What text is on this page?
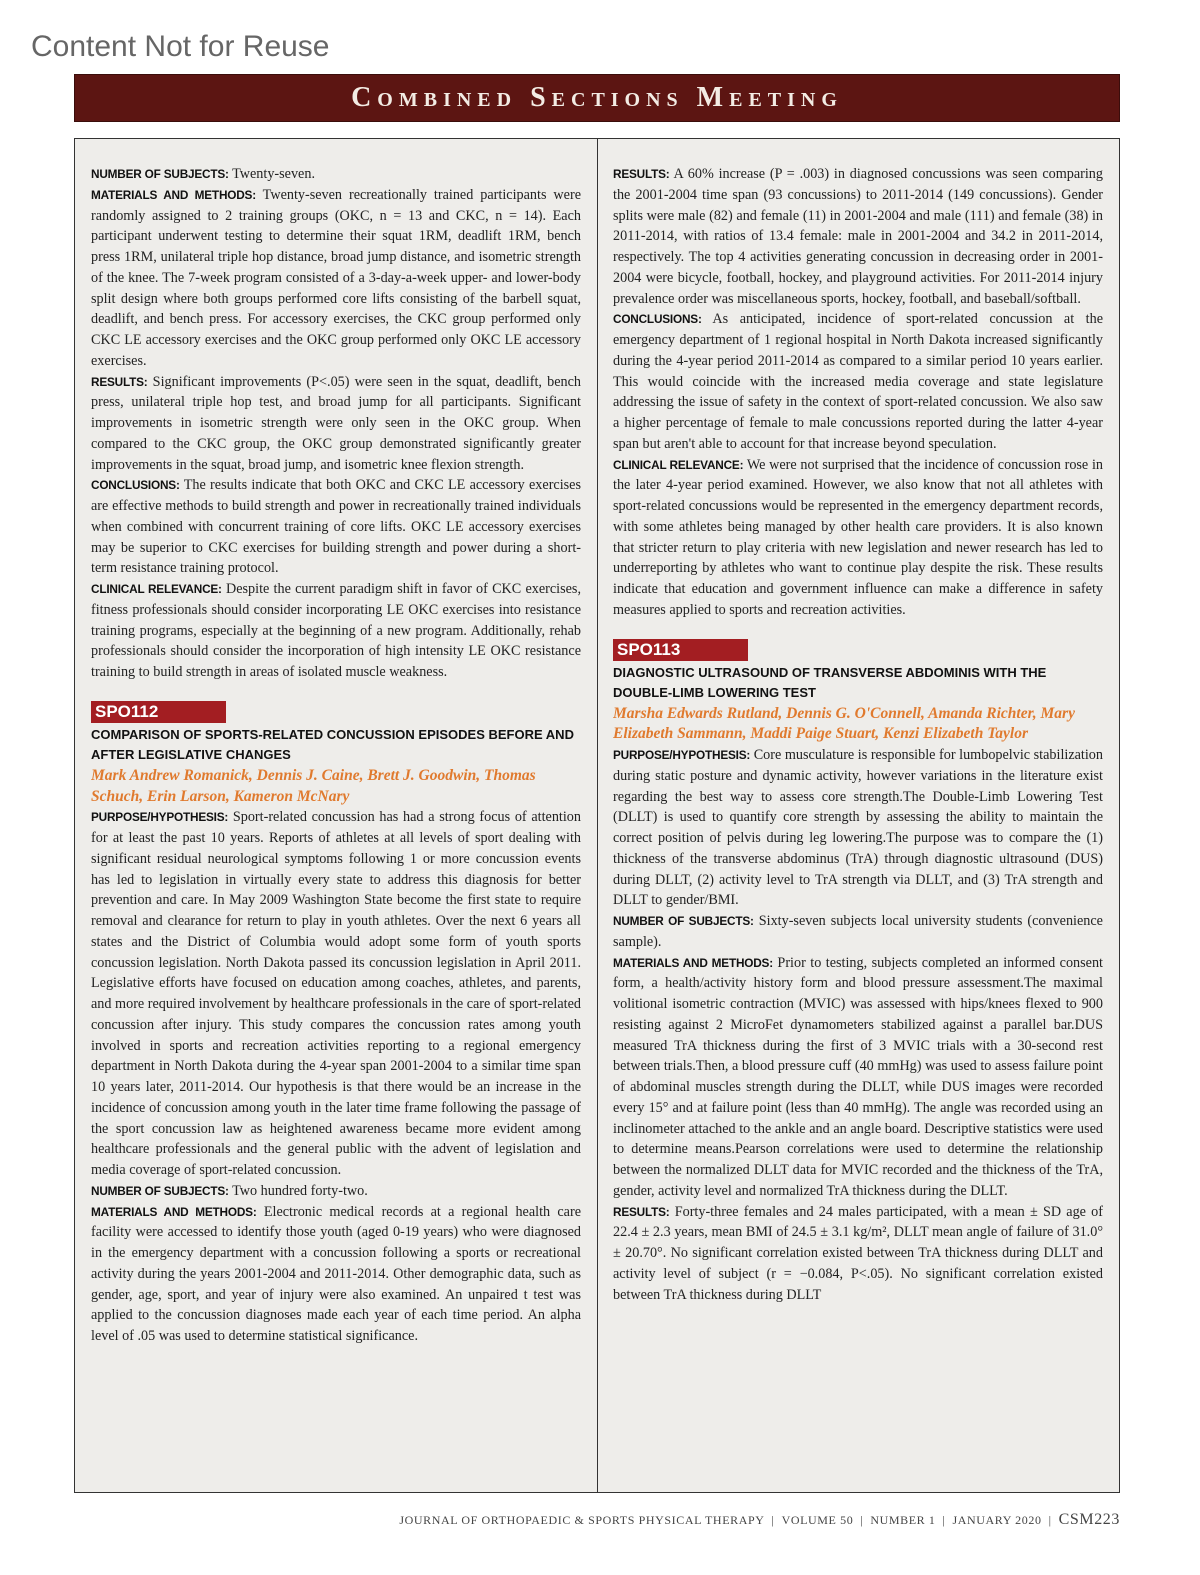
Content Not for Reuse
Combined Sections Meeting

NUMBER OF SUBJECTS: Twenty-seven.

MATERIALS AND METHODS: Twenty-seven recreationally trained participants were randomly assigned to 2 training groups (OKC, n = 13 and CKC, n = 14). Each participant underwent testing to determine their squat 1RM, deadlift 1RM, bench press 1RM, unilateral triple hop distance, broad jump distance, and isometric strength of the knee. The 7-week program consisted of a 3-day-a-week upper- and lower-body split design where both groups performed core lifts consisting of the barbell squat, deadlift, and bench press. For accessory exercises, the CKC group performed only CKC LE accessory exercises and the OKC group performed only OKC LE accessory exercises.

RESULTS: Significant improvements (P<.05) were seen in the squat, deadlift, bench press, unilateral triple hop test, and broad jump for all participants. Significant improvements in isometric strength were only seen in the OKC group. When compared to the CKC group, the OKC group demonstrated significantly greater improvements in the squat, broad jump, and isometric knee flexion strength.

CONCLUSIONS: The results indicate that both OKC and CKC LE accessory exercises are effective methods to build strength and power in recreationally trained individuals when combined with concurrent training of core lifts. OKC LE accessory exercises may be superior to CKC exercises for building strength and power during a short-term resistance training protocol.

CLINICAL RELEVANCE: Despite the current paradigm shift in favor of CKC exercises, fitness professionals should consider incorporating LE OKC exercises into resistance training programs, especially at the beginning of a new program. Additionally, rehab professionals should consider the incorporation of high intensity LE OKC resistance training to build strength in areas of isolated muscle weakness.

SPO112
COMPARISON OF SPORTS-RELATED CONCUSSION EPISODES BEFORE AND AFTER LEGISLATIVE CHANGES
Mark Andrew Romanick, Dennis J. Caine, Brett J. Goodwin, Thomas Schuch, Erin Larson, Kameron McNary

PURPOSE/HYPOTHESIS: Sport-related concussion has had a strong focus of attention for at least the past 10 years. Reports of athletes at all levels of sport dealing with significant residual neurological symptoms following 1 or more concussion events has led to legislation in virtually every state to address this diagnosis for better prevention and care. In May 2009 Washington State become the first state to require removal and clearance for return to play in youth athletes. Over the next 6 years all states and the District of Columbia would adopt some form of youth sports concussion legislation. North Dakota passed its concussion legislation in April 2011. Legislative efforts have focused on education among coaches, athletes, and parents, and more required involvement by healthcare professionals in the care of sport-related concussion after injury. This study compares the concussion rates among youth involved in sports and recreation activities reporting to a regional emergency department in North Dakota during the 4-year span 2001-2004 to a similar time span 10 years later, 2011-2014. Our hypothesis is that there would be an increase in the incidence of concussion among youth in the later time frame following the passage of the sport concussion law as heightened awareness became more evident among healthcare professionals and the general public with the advent of legislation and media coverage of sport-related concussion.

NUMBER OF SUBJECTS: Two hundred forty-two.

MATERIALS AND METHODS: Electronic medical records at a regional health care facility were accessed to identify those youth (aged 0-19 years) who were diagnosed in the emergency department with a concussion following a sports or recreational activity during the years 2001-2004 and 2011-2014. Other demographic data, such as gender, age, sport, and year of injury were also examined. An unpaired t test was applied to the concussion diagnoses made each year of each time period. An alpha level of .05 was used to determine statistical significance.

RESULTS: A 60% increase (P = .003) in diagnosed concussions was seen comparing the 2001-2004 time span (93 concussions) to 2011-2014 (149 concussions). Gender splits were male (82) and female (11) in 2001-2004 and male (111) and female (38) in 2011-2014, with ratios of 13.4 female: male in 2001-2004 and 34.2 in 2011-2014, respectively. The top 4 activities generating concussion in decreasing order in 2001-2004 were bicycle, football, hockey, and playground activities. For 2011-2014 injury prevalence order was miscellaneous sports, hockey, football, and baseball/softball.

CONCLUSIONS: As anticipated, incidence of sport-related concussion at the emergency department of 1 regional hospital in North Dakota increased significantly during the 4-year period 2011-2014 as compared to a similar period 10 years earlier. This would coincide with the increased media coverage and state legislature addressing the issue of safety in the context of sport-related concussion. We also saw a higher percentage of female to male concussions reported during the latter 4-year span but aren't able to account for that increase beyond speculation.

CLINICAL RELEVANCE: We were not surprised that the incidence of concussion rose in the later 4-year period examined. However, we also know that not all athletes with sport-related concussions would be represented in the emergency department records, with some athletes being managed by other health care providers. It is also known that stricter return to play criteria with new legislation and newer research has led to underreporting by athletes who want to continue play despite the risk. These results indicate that education and government influence can make a difference in safety measures applied to sports and recreation activities.

SPO113
DIAGNOSTIC ULTRASOUND OF TRANSVERSE ABDOMINIS WITH THE DOUBLE-LIMB LOWERING TEST
Marsha Edwards Rutland, Dennis G. O'Connell, Amanda Richter, Mary Elizabeth Sammann, Maddi Paige Stuart, Kenzi Elizabeth Taylor

PURPOSE/HYPOTHESIS: Core musculature is responsible for lumbopelvic stabilization during static posture and dynamic activity, however variations in the literature exist regarding the best way to assess core strength.The Double-Limb Lowering Test (DLLT) is used to quantify core strength by assessing the ability to maintain the correct position of pelvis during leg lowering.The purpose was to compare the (1) thickness of the transverse abdominus (TrA) through diagnostic ultrasound (DUS) during DLLT, (2) activity level to TrA strength via DLLT, and (3) TrA strength and DLLT to gender/BMI.

NUMBER OF SUBJECTS: Sixty-seven subjects local university students (convenience sample).

MATERIALS AND METHODS: Prior to testing, subjects completed an informed consent form, a health/activity history form and blood pressure assessment.The maximal volitional isometric contraction (MVIC) was assessed with hips/knees flexed to 900 resisting against 2 MicroFet dynamometers stabilized against a parallel bar.DUS measured TrA thickness during the first of 3 MVIC trials with a 30-second rest between trials.Then, a blood pressure cuff (40 mmHg) was used to assess failure point of abdominal muscles strength during the DLLT, while DUS images were recorded every 15° and at failure point (less than 40 mmHg). The angle was recorded using an inclinometer attached to the ankle and an angle board. Descriptive statistics were used to determine means.Pearson correlations were used to determine the relationship between the normalized DLLT data for MVIC recorded and the thickness of the TrA, gender, activity level and normalized TrA thickness during the DLLT.

RESULTS: Forty-three females and 24 males participated, with a mean ± SD age of 22.4 ± 2.3 years, mean BMI of 24.5 ± 3.1 kg/m², DLLT mean angle of failure of 31.0° ± 20.70°. No significant correlation existed between TrA thickness during DLLT and activity level of subject (r = −0.084, P<.05). No significant correlation existed between TrA thickness during DLLT

JOURNAL OF ORTHOPAEDIC & SPORTS PHYSICAL THERAPY | VOLUME 50 | NUMBER 1 | JANUARY 2020 | CSM223
